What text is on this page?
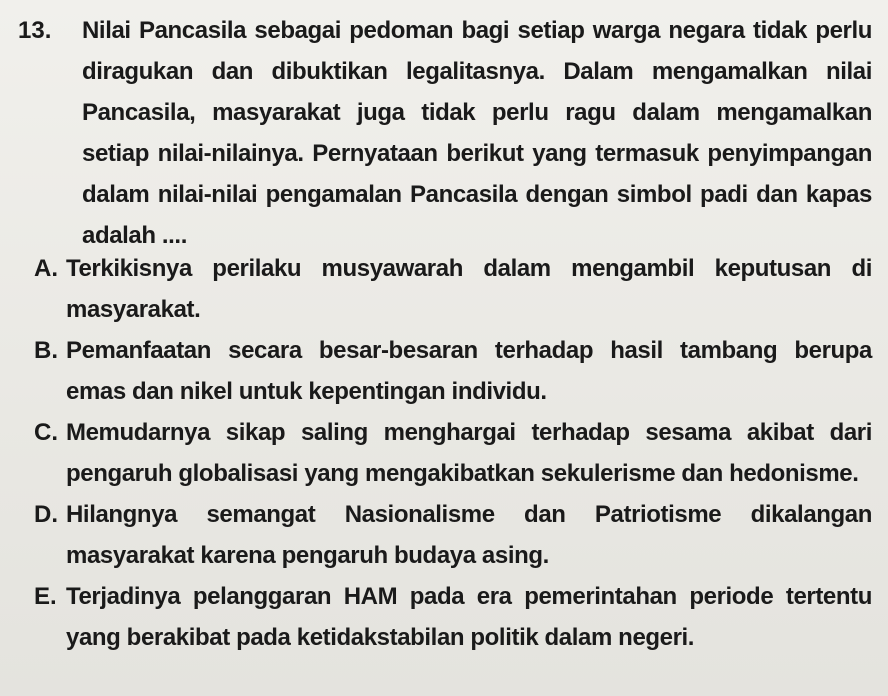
13. Nilai Pancasila sebagai pedoman bagi setiap warga negara tidak perlu diragukan dan dibuktikan legalitasnya. Dalam mengamalkan nilai Pancasila, masyarakat juga tidak perlu ragu dalam mengamalkan setiap nilai-nilainya. Pernyataan berikut yang termasuk penyimpangan dalam nilai-nilai pengamalan Pancasila dengan simbol padi dan kapas adalah ....
A. Terkikisnya perilaku musyawarah dalam mengambil keputusan di masyarakat.
B. Pemanfaatan secara besar-besaran terhadap hasil tambang berupa emas dan nikel untuk kepentingan individu.
C. Memudarnya sikap saling menghargai terhadap sesama akibat dari pengaruh globalisasi yang mengakibatkan sekulerisme dan hedonisme.
D. Hilangnya semangat Nasionalisme dan Patriotisme dikalangan masyarakat karena pengaruh budaya asing.
E. Terjadinya pelanggaran HAM pada era pemerintahan periode tertentu yang berakibat pada ketidakstabilan politik dalam negeri.
